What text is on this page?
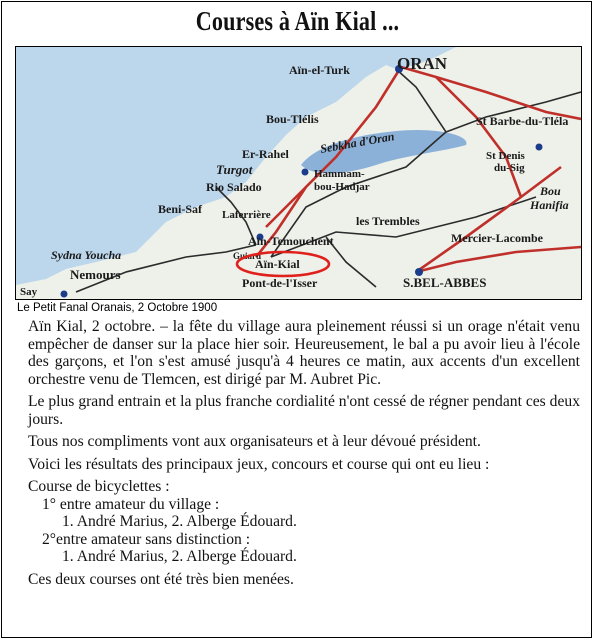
Courses à Aïn Kial ...
Aïn-el-Turk	ORAN
Bou-Tlélis	St Barbe-du-Tléla
Sebkha d'Oran
Er-Rahel
Hammam-
bou-Hadjar
Turgot
Rio Salado
St Denis
du-Sig
Bou
Hanifia
Beni-Saf Laferrière	les Trembles
Aïn-Temouchent	Mercier-Lacombe
Sydna Youcha	Guiard
Aïn-Kial
Nemours
Pont-de-l'Isser	S.BEL-ABBES
Say
Le Petit Fanal Oranais, 2 Octobre 1900

Aïn Kial, 2 octobre. – la fête du village aura pleinement réussi si un orage n'était venu empêcher de danser sur la place hier soir. Heureusement, le bal a pu avoir lieu à l'école des garçons, et l'on s'est amusé jusqu'à 4 heures ce matin, aux accents d'un excellent orchestre venu de Tlemcen, est dirigé par M. Aubret Pic.

Le plus grand entrain et la plus franche cordialité n'ont cessé de régner pendant ces deux jours.

Tous nos compliments vont aux organisateurs et à leur dévoué président.

Voici les résultats des principaux jeux, concours et course qui ont eu lieu :

Course de bicyclettes :

1° entre amateur du village :

1. André Marius, 2. Alberge Édouard.

2°entre amateur sans distinction :

1. André Marius, 2. Alberge Édouard.

Ces deux courses ont été très bien menées.
